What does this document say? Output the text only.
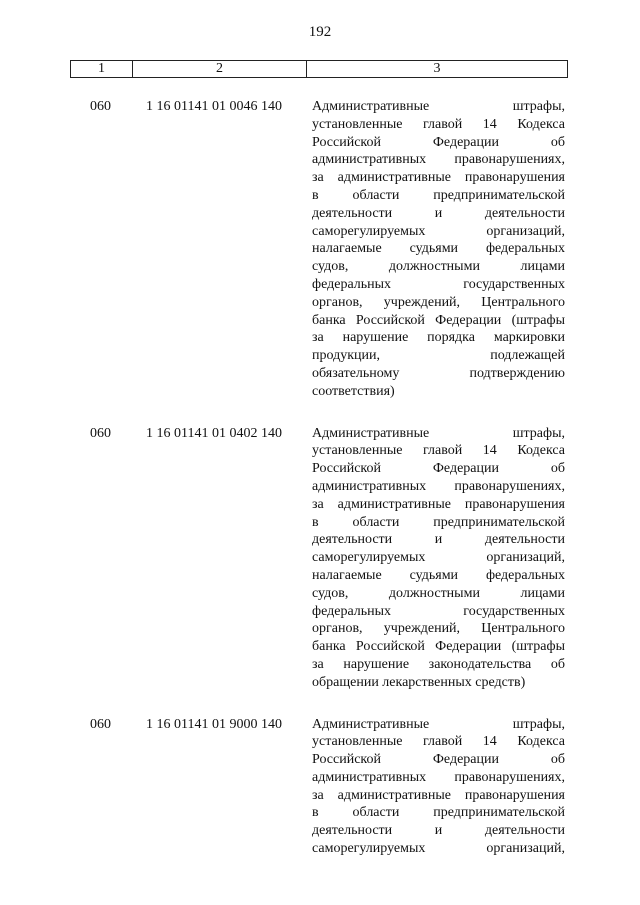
192
1	2	3
060	1 16 01141 01 0046 140 Административные штрафы,
установленные главой 14 Кодекса
Российской Федерации об
административных правонарушениях,
за административные правонарушения
в области предпринимательской
деятельности и деятельности
саморегулируемых организаций,
налагаемые судьями федеральных
судов, должностными лицами
федеральных государственных
органов, учреждений, Центрального
банка Российской Федерации (штрафы
за нарушение порядка маркировки
продукции, подлежащей
обязательному подтверждению
соответствия)
060	1 16 01141 01 0402 140 Административные штрафы,
установленные главой 14 Кодекса
Российской Федерации об
административных правонарушениях,
за административные правонарушения
в области предпринимательской
деятельности и деятельности
саморегулируемых организаций,
налагаемые судьями федеральных
судов, должностными лицами
федеральных государственных
органов, учреждений, Центрального
банка Российской Федерации (штрафы
за нарушение законодательства об
обращении лекарственных средств)
060	1 16 01141 01 9000 140 Административные штрафы,
установленные главой 14 Кодекса
Российской Федерации об
административных правонарушениях,
за административные правонарушения
в области предпринимательской
деятельности и деятельности
саморегулируемых организаций,
